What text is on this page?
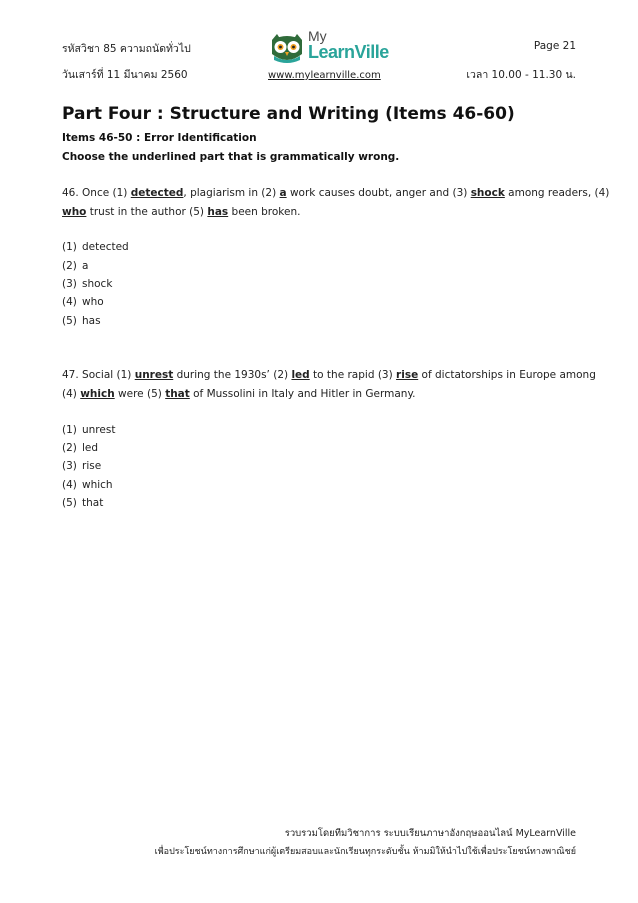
รหัสวิชา 85 ความถนัดทั่วไป
วันเสาร์ที่ 11 มีนาคม 2560
Page 21
เวลา 10.00 - 11.30 น.
My
LearnVille
www.mylearnville.com
Part Four : Structure and Writing (Items 46-60)
Items 46-50 : Error Identification
Choose the underlined part that is grammatically wrong.
46. Once (1) detected, plagiarism in (2) a work causes doubt, anger and (3) shock among readers, (4)
who trust in the author (5) has been broken.
(1) detected
(2) a
(3) shock
(4) who
(5) has
47. Social (1) unrest during the 1930s’ (2) led to the rapid (3) rise of dictatorships in Europe among
(4) which were (5) that of Mussolini in Italy and Hitler in Germany.
(1) unrest
(2) led
(3) rise
(4) which
(5) that
รวบรวมโดยทีมวิชาการ ระบบเรียนภาษาอังกฤษออนไลน์ MyLearnVille
เพื่อประโยชน์ทางการศึกษาแก่ผู้เตรียมสอบและนักเรียนทุกระดับชั้น ห้ามมิให้นำไปใช้เพื่อประโยชน์ทางพาณิชย์
